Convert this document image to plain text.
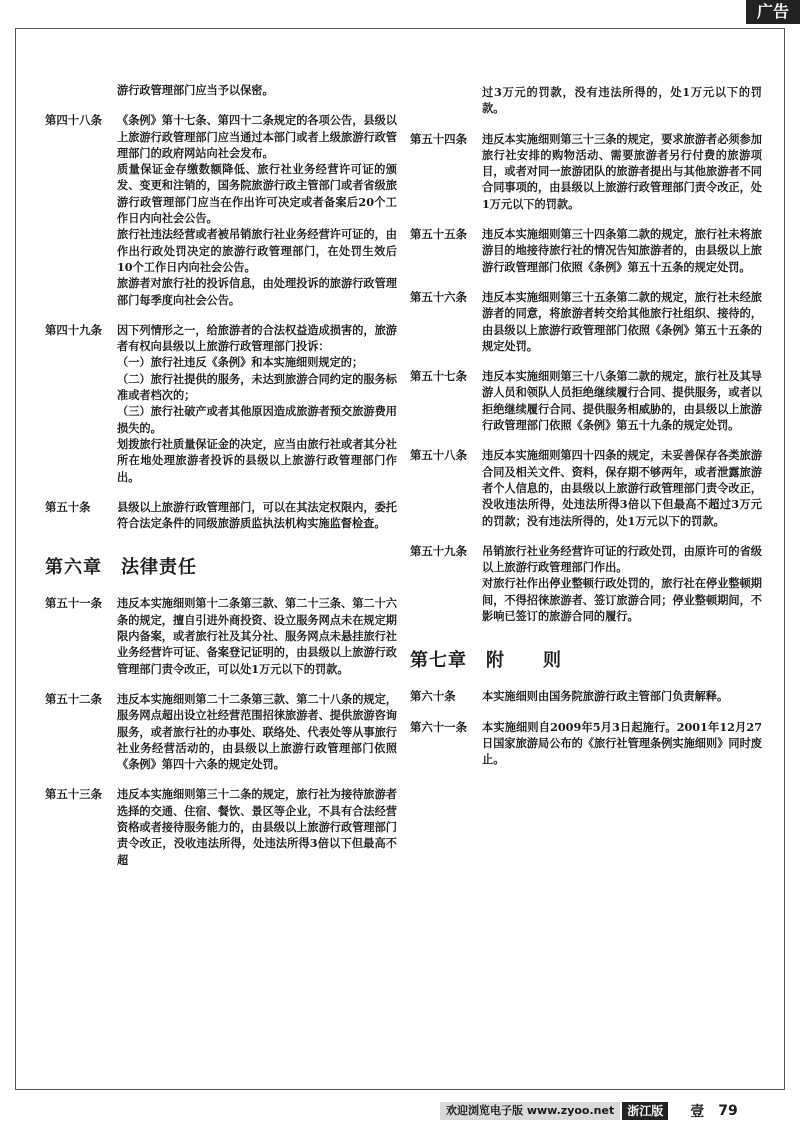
广告

游行政管理部门应当予以保密。

第四十八条	《条例》第十七条、第四十二条规定的各项公告，县级以上旅游行政管理部门应当通过本部门或者上级旅游行政管理部门的政府网站向社会发布。

质量保证金存缴数额降低、旅行社业务经营许可证的颁发、变更和注销的，国务院旅游行政主管部门或者省级旅游行政管理部门应当在作出许可决定或者备案后20个工作日内向社会公告。

旅行社违法经营或者被吊销旅行社业务经营许可证的，由作出行政处罚决定的旅游行政管理部门，在处罚生效后10个工作日内向社会公告。

旅游者对旅行社的投诉信息，由处理投诉的旅游行政管理部门每季度向社会公告。

第四十九条	因下列情形之一，给旅游者的合法权益造成损害的，旅游者有权向县级以上旅游行政管理部门投诉：

（一）旅行社违反《条例》和本实施细则规定的；

（二）旅行社提供的服务，未达到旅游合同约定的服务标准或者档次的；

（三）旅行社破产或者其他原因造成旅游者预交旅游费用损失的。

划拨旅行社质量保证金的决定，应当由旅行社或者其分社所在地处理旅游者投诉的县级以上旅游行政管理部门作出。

第五十条	县级以上旅游行政管理部门，可以在其法定权限内，委托符合法定条件的同级旅游质监执法机构实施监督检查。

第六章　法律责任
第五十一条	违反本实施细则第十二条第三款、第二十三条、第二十六条的规定，擅自引进外商投资、设立服务网点未在规定期限内备案，或者旅行社及其分社、服务网点未悬挂旅行社业务经营许可证、备案登记证明的，由县级以上旅游行政管理部门责令改正，可以处1万元以下的罚款。

第五十二条	违反本实施细则第二十二条第三款、第二十八条的规定，服务网点超出设立社经营范围招徕旅游者、提供旅游咨询服务，或者旅行社的办事处、联络处、代表处等从事旅行社业务经营活动的，由县级以上旅游行政管理部门依照《条例》第四十六条的规定处罚。

第五十三条	违反本实施细则第三十二条的规定，旅行社为接待旅游者选择的交通、住宿、餐饮、景区等企业，不具有合法经营资格或者接待服务能力的，由县级以上旅游行政管理部门责令改正，没收违法所得，处违法所得3倍以下但最高不超

过3万元的罚款，没有违法所得的，处1万元以下的罚款。

第五十四条	违反本实施细则第三十三条的规定，要求旅游者必须参加旅行社安排的购物活动、需要旅游者另行付费的旅游项目，或者对同一旅游团队的旅游者提出与其他旅游者不同合同事项的，由县级以上旅游行政管理部门责令改正，处1万元以下的罚款。

第五十五条	违反本实施细则第三十四条第二款的规定，旅行社未将旅游目的地接待旅行社的情况告知旅游者的，由县级以上旅游行政管理部门依照《条例》第五十五条的规定处罚。

第五十六条	违反本实施细则第三十五条第二款的规定，旅行社未经旅游者的同意，将旅游者转交给其他旅行社组织、接待的，由县级以上旅游行政管理部门依照《条例》第五十五条的规定处罚。

第五十七条	违反本实施细则第三十八条第二款的规定，旅行社及其导游人员和领队人员拒绝继续履行合同、提供服务，或者以拒绝继续履行合同、提供服务相威胁的，由县级以上旅游行政管理部门依照《条例》第五十九条的规定处罚。

第五十八条	违反本实施细则第四十四条的规定，未妥善保存各类旅游合同及相关文件、资料，保存期不够两年，或者泄露旅游者个人信息的，由县级以上旅游行政管理部门责令改正，没收违法所得，处违法所得3倍以下但最高不超过3万元的罚款；没有违法所得的，处1万元以下的罚款。

第五十九条	吊销旅行社业务经营许可证的行政处罚，由原许可的省级以上旅游行政管理部门作出。

对旅行社作出停业整顿行政处罚的，旅行社在停业整顿期间，不得招徕旅游者、签订旅游合同；停业整顿期间，不影响已签订的旅游合同的履行。

第七章　附　　则
第六十条	本实施细则由国务院旅游行政主管部门负责解释。

第六十一条	本实施细则自2009年5月3日起施行。2001年12月27日国家旅游局公布的《旅行社管理条例实施细则》同时废止。

欢迎浏览电子版 www.zyoo.net	浙江版	壹 79
